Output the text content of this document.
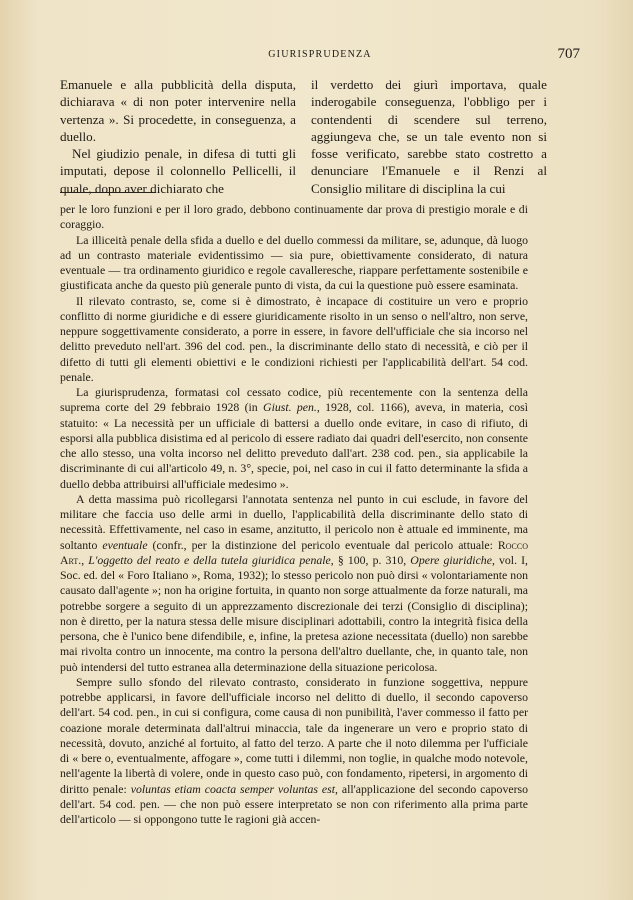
GIURISPRUDENZA	707

Emanuele e alla pubblicità della disputa, dichiarava « di non poter intervenire nella vertenza ». Si procedette, in conseguenza, a duello.

Nel giudizio penale, in difesa di tutti gli imputati, depose il colonnello Pellicelli, il quale, dopo aver dichiarato che

il verdetto dei giurì importava, quale inderogabile conseguenza, l'obbligo per i contendenti di scendere sul terreno, aggiungeva che, se un tale evento non si fosse verificato, sarebbe stato costretto a denunciare l'Emanuele e il Renzi al Consiglio militare di disciplina la cui

per le loro funzioni e per il loro grado, debbono continuamente dar prova di prestigio morale e di coraggio.

La illiceità penale della sfida a duello e del duello commessi da militare, se, adunque, dà luogo ad un contrasto materiale evidentissimo — sia pure, obiettivamente considerato, di natura eventuale — tra ordinamento giuridico e regole cavalleresche, riappare perfettamente sostenibile e giustificata anche da questo più generale punto di vista, da cui la questione può essere esaminata.

Il rilevato contrasto, se, come si è dimostrato, è incapace di costituire un vero e proprio conflitto di norme giuridiche e di essere giuridicamente risolto in un senso o nell'altro, non serve, neppure soggettivamente considerato, a porre in essere, in favore dell'ufficiale che sia incorso nel delitto preveduto nell'art. 396 del cod. pen., la discriminante dello stato di necessità, e ciò per il difetto di tutti gli elementi obiettivi e le condizioni richiesti per l'applicabilità dell'art. 54 cod. penale.

La giurisprudenza, formatasi col cessato codice, più recentemente con la sentenza della suprema corte del 29 febbraio 1928 (in Giust. pen., 1928, col. 1166), aveva, in materia, così statuito: « La necessità per un ufficiale di battersi a duello onde evitare, in caso di rifiuto, di esporsi alla pubblica disistima ed al pericolo di essere radiato dai quadri dell'esercito, non consente che allo stesso, una volta incorso nel delitto preveduto dall'art. 238 cod. pen., sia applicabile la discriminante di cui all'articolo 49, n. 3°, specie, poi, nel caso in cui il fatto determinante la sfida a duello debba attribuirsi all'ufficiale medesimo ».

A detta massima può ricollegarsi l'annotata sentenza nel punto in cui esclude, in favore del militare che faccia uso delle armi in duello, l'applicabilità della discriminante dello stato di necessità. Effettivamente, nel caso in esame, anzitutto, il pericolo non è attuale ed imminente, ma soltanto eventuale (confr., per la distinzione del pericolo eventuale dal pericolo attuale: Rocco Art., L'oggetto del reato e della tutela giuridica penale, § 100, p. 310, Opere giuridiche, vol. I, Soc. ed. del « Foro Italiano », Roma, 1932); lo stesso pericolo non può dirsi « volontariamente non causato dall'agente »; non ha origine fortuita, in quanto non sorge attualmente da forze naturali, ma potrebbe sorgere a seguito di un apprezzamento discrezionale dei terzi (Consiglio di disciplina); non è diretto, per la natura stessa delle misure disciplinari adottabili, contro la integrità fisica della persona, che è l'unico bene difendibile, e, infine, la pretesa azione necessitata (duello) non sarebbe mai rivolta contro un innocente, ma contro la persona dell'altro duellante, che, in quanto tale, non può intendersi del tutto estranea alla determinazione della situazione pericolosa.

Sempre sullo sfondo del rilevato contrasto, considerato in funzione soggettiva, neppure potrebbe applicarsi, in favore dell'ufficiale incorso nel delitto di duello, il secondo capoverso dell'art. 54 cod. pen., in cui si configura, come causa di non punibilità, l'aver commesso il fatto per coazione morale determinata dall'altrui minaccia, tale da ingenerare un vero e proprio stato di necessità, dovuto, anziché al fortuito, al fatto del terzo. A parte che il noto dilemma per l'ufficiale di « bere o, eventualmente, affogare », come tutti i dilemmi, non toglie, in qualche modo notevole, nell'agente la libertà di volere, onde in questo caso può, con fondamento, ripetersi, in argomento di diritto penale: voluntas etiam coacta semper voluntas est, all'applicazione del secondo capoverso dell'art. 54 cod. pen. — che non può essere interpretato se non con riferimento alla prima parte dell'articolo — si oppongono tutte le ragioni già accen-
